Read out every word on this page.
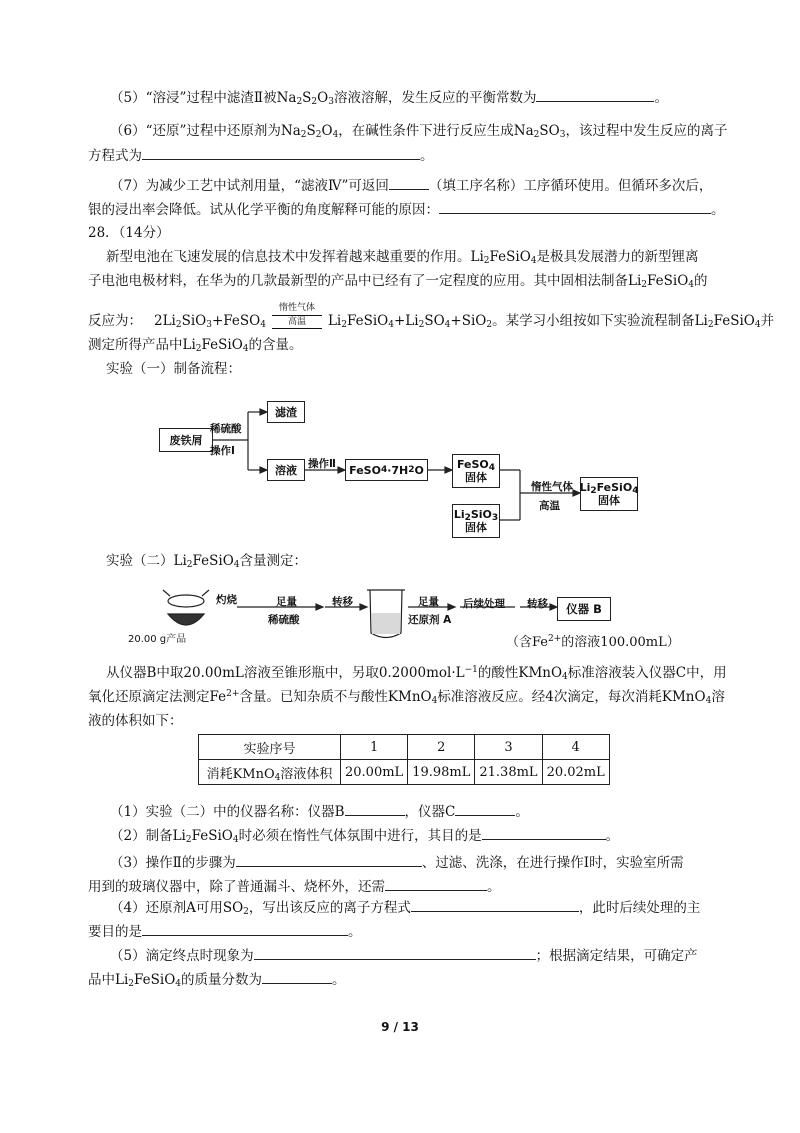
（5）“溶浸”过程中滤渣Ⅱ被$Na_2S_2O_3$溶液溶解，发生反应的平衡常数为	。
（6）“还原”过程中还原剂为$Na_2S_2O_4$，在碱性条件下进行反应生成$Na_2SO_3$，该过程中发生反应的离子
方程式为	。
（7）为减少工艺中试剂用量，“滤液Ⅳ”可返回	（填工序名称）工序循环使用。但循环多次后，
银的浸出率会降低。试从化学平衡的角度解释可能的原因：	。
28．（14分）
新型电池在飞速发展的信息技术中发挥着越来越重要的作用。$Li_2FeSiO_4$是极具发展潜力的新型锂离
子电池电极材料，在华为的几款最新型的产品中已经有了一定程度的应用。其中固相法制备$Li_2FeSiO_4$的
反应为： $2Li_2SiO_3+FeSO_4$
惰性气体
高温	$Li_2FeSiO_4+Li_2SO_4+SiO_2$。某学习小组按如下实验流程制备$Li_2FeSiO_4$并
测定所得产品中$Li_2FeSiO_4$的含量。
实验（一）制备流程：
废铁屑
滤渣
溶液	FeSO 4 ·7H 2 O	FeSO$_4$
固体
$Li_2SiO_3$
固体
$Li_2FeSiO_4$
固体
稀硫酸
操作Ⅰ
操作Ⅱ
惰性气体
高温
实验（二）$Li_2FeSiO_4$含量测定：
灼烧
20.00 g产品
足量
稀硫酸
转移	足量
还原剂 A
后续处理 转移	仪器 B
（含$Fe^{2+}$的溶液100.00mL）
从仪器B中取20.00mL溶液至锥形瓶中，另取$0.2000mol\cdot L^{-1}$的酸性KMnO$_4$标准溶液装入仪器C中，用
氧化还原滴定法测定$Fe^{2+}$含量。已知杂质不与酸性KMnO$_4$标准溶液反应。经4次滴定，每次消耗KMnO$_4$溶
液的体积如下：
实验序号	1	2	3	4
消耗KMnO$_4$溶液体积	20.00mL	19.98mL	21.38mL	20.02mL
（1）实验（二）中的仪器名称：仪器B	，仪器C	。
（2）制备$Li_2FeSiO_4$时必须在惰性气体氛围中进行，其目的是	。
（3）操作Ⅱ的步骤为	、过滤、洗涤，在进行操作Ⅰ时，实验室所需
用到的玻璃仪器中，除了普通漏斗、烧杯外，还需	。
（4）还原剂A可用$SO_2$，写出该反应的离子方程式	，此时后续处理的主
要目的是	。
（5）滴定终点时现象为	；根据滴定结果，可确定产
品中$Li_2FeSiO_4$的质量分数为	。
9 / 13
